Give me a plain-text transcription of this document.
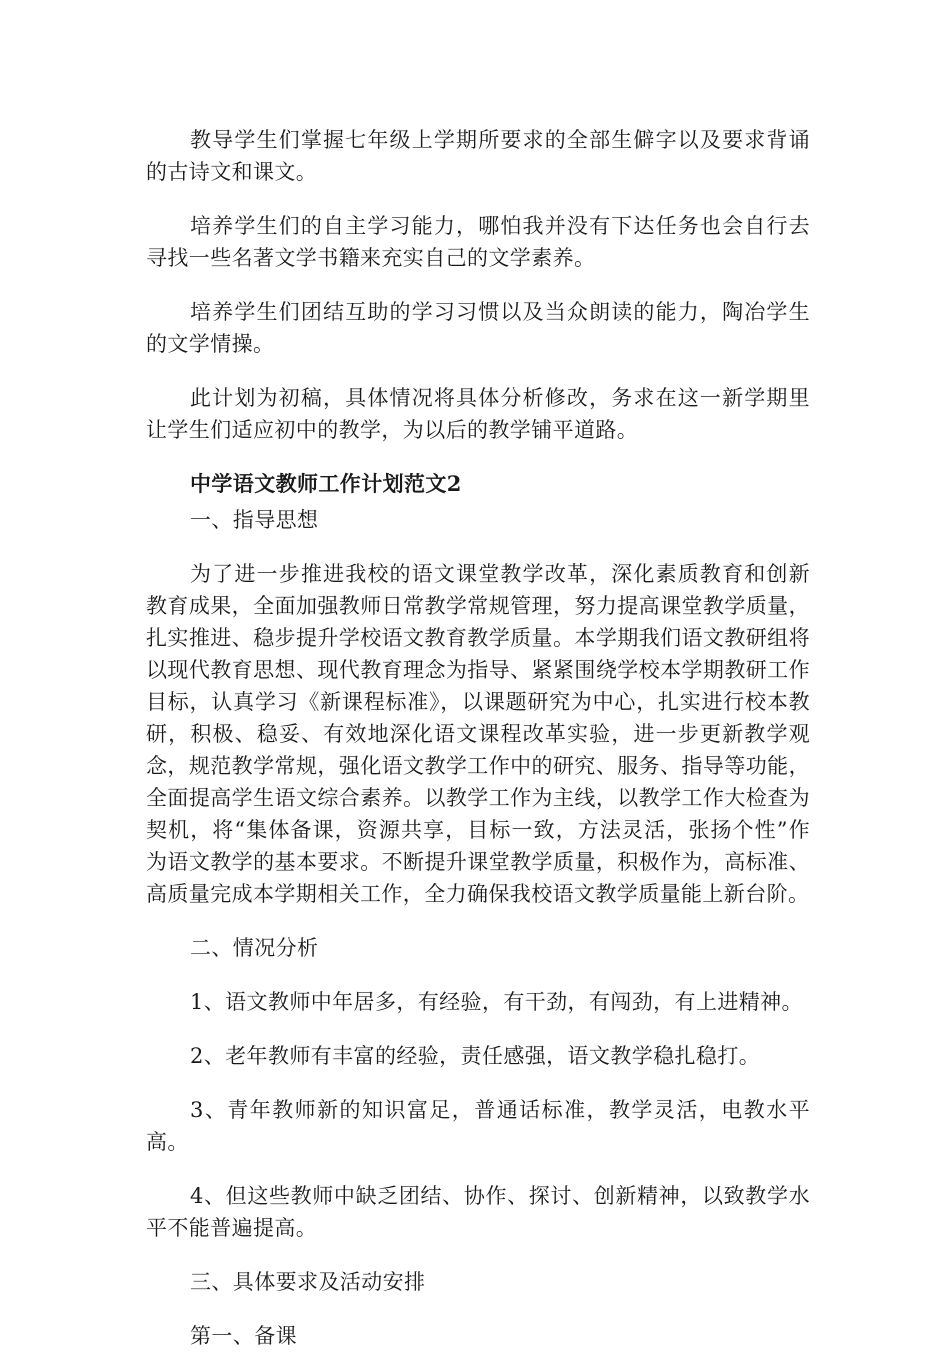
教导学生们掌握七年级上学期所要求的全部生僻字以及要求背诵的古诗文和课文。

培养学生们的自主学习能力，哪怕我并没有下达任务也会自行去寻找一些名著文学书籍来充实自己的文学素养。

培养学生们团结互助的学习习惯以及当众朗读的能力，陶冶学生的文学情操。

此计划为初稿，具体情况将具体分析修改，务求在这一新学期里让学生们适应初中的教学，为以后的教学铺平道路。

中学语文教师工作计划范文2

一、指导思想

为了进一步推进我校的语文课堂教学改革，深化素质教育和创新教育成果，全面加强教师日常教学常规管理，努力提高课堂教学质量，扎实推进、稳步提升学校语文教育教学质量。本学期我们语文教研组将以现代教育思想、现代教育理念为指导、紧紧围绕学校本学期教研工作目标，认真学习《新课程标准》，以课题研究为中心，扎实进行校本教研，积极、稳妥、有效地深化语文课程改革实验，进一步更新教学观念，规范教学常规，强化语文教学工作中的研究、服务、指导等功能，全面提高学生语文综合素养。以教学工作为主线，以教学工作大检查为契机，将“集体备课，资源共享，目标一致，方法灵活，张扬个性”作为语文教学的基本要求。不断提升课堂教学质量，积极作为，高标准、高质量完成本学期相关工作，全力确保我校语文教学质量能上新台阶。

二、情况分析

1、语文教师中年居多，有经验，有干劲，有闯劲，有上进精神。

2、老年教师有丰富的经验，责任感强，语文教学稳扎稳打。

3、青年教师新的知识富足，普通话标准，教学灵活，电教水平高。

4、但这些教师中缺乏团结、协作、探讨、创新精神，以致教学水平不能普遍提高。

三、具体要求及活动安排

第一、备课
